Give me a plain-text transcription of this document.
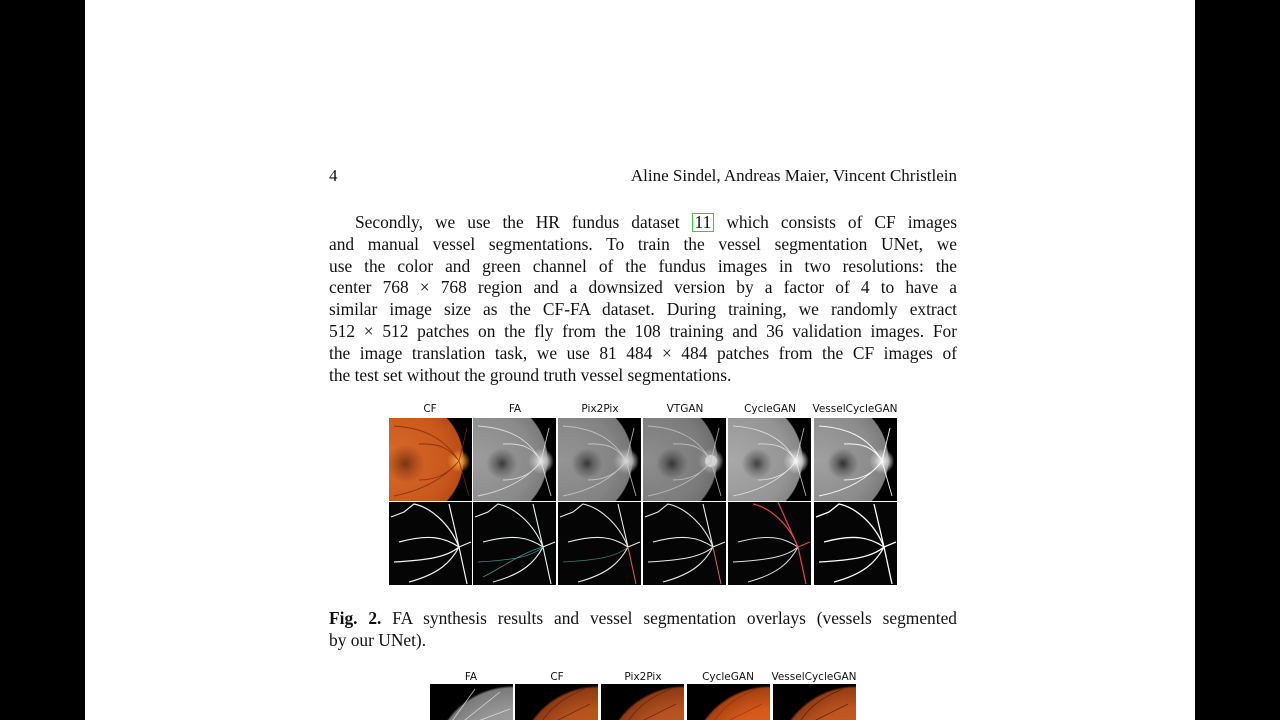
4	Aline Sindel, Andreas Maier, Vincent Christlein
Secondly, we use the HR fundus dataset 11 which consists of CF images
and manual vessel segmentations. To train the vessel segmentation UNet, we
use the color and green channel of the fundus images in two resolutions: the
center 768 × 768 region and a downsized version by a factor of 4 to have a
similar image size as the CF-FA dataset. During training, we randomly extract
512 × 512 patches on the fly from the 108 training and 36 validation images. For
the image translation task, we use 81 484 × 484 patches from the CF images of
the test set without the ground truth vessel segmentations.
CF	FA	Pix2Pix	VTGAN	CycleGAN	VesselCycleGAN
Fig. 2. FA synthesis results and vessel segmentation overlays (vessels segmented
by our UNet).
FA	CF	Pix2Pix	CycleGAN	VesselCycleGAN
